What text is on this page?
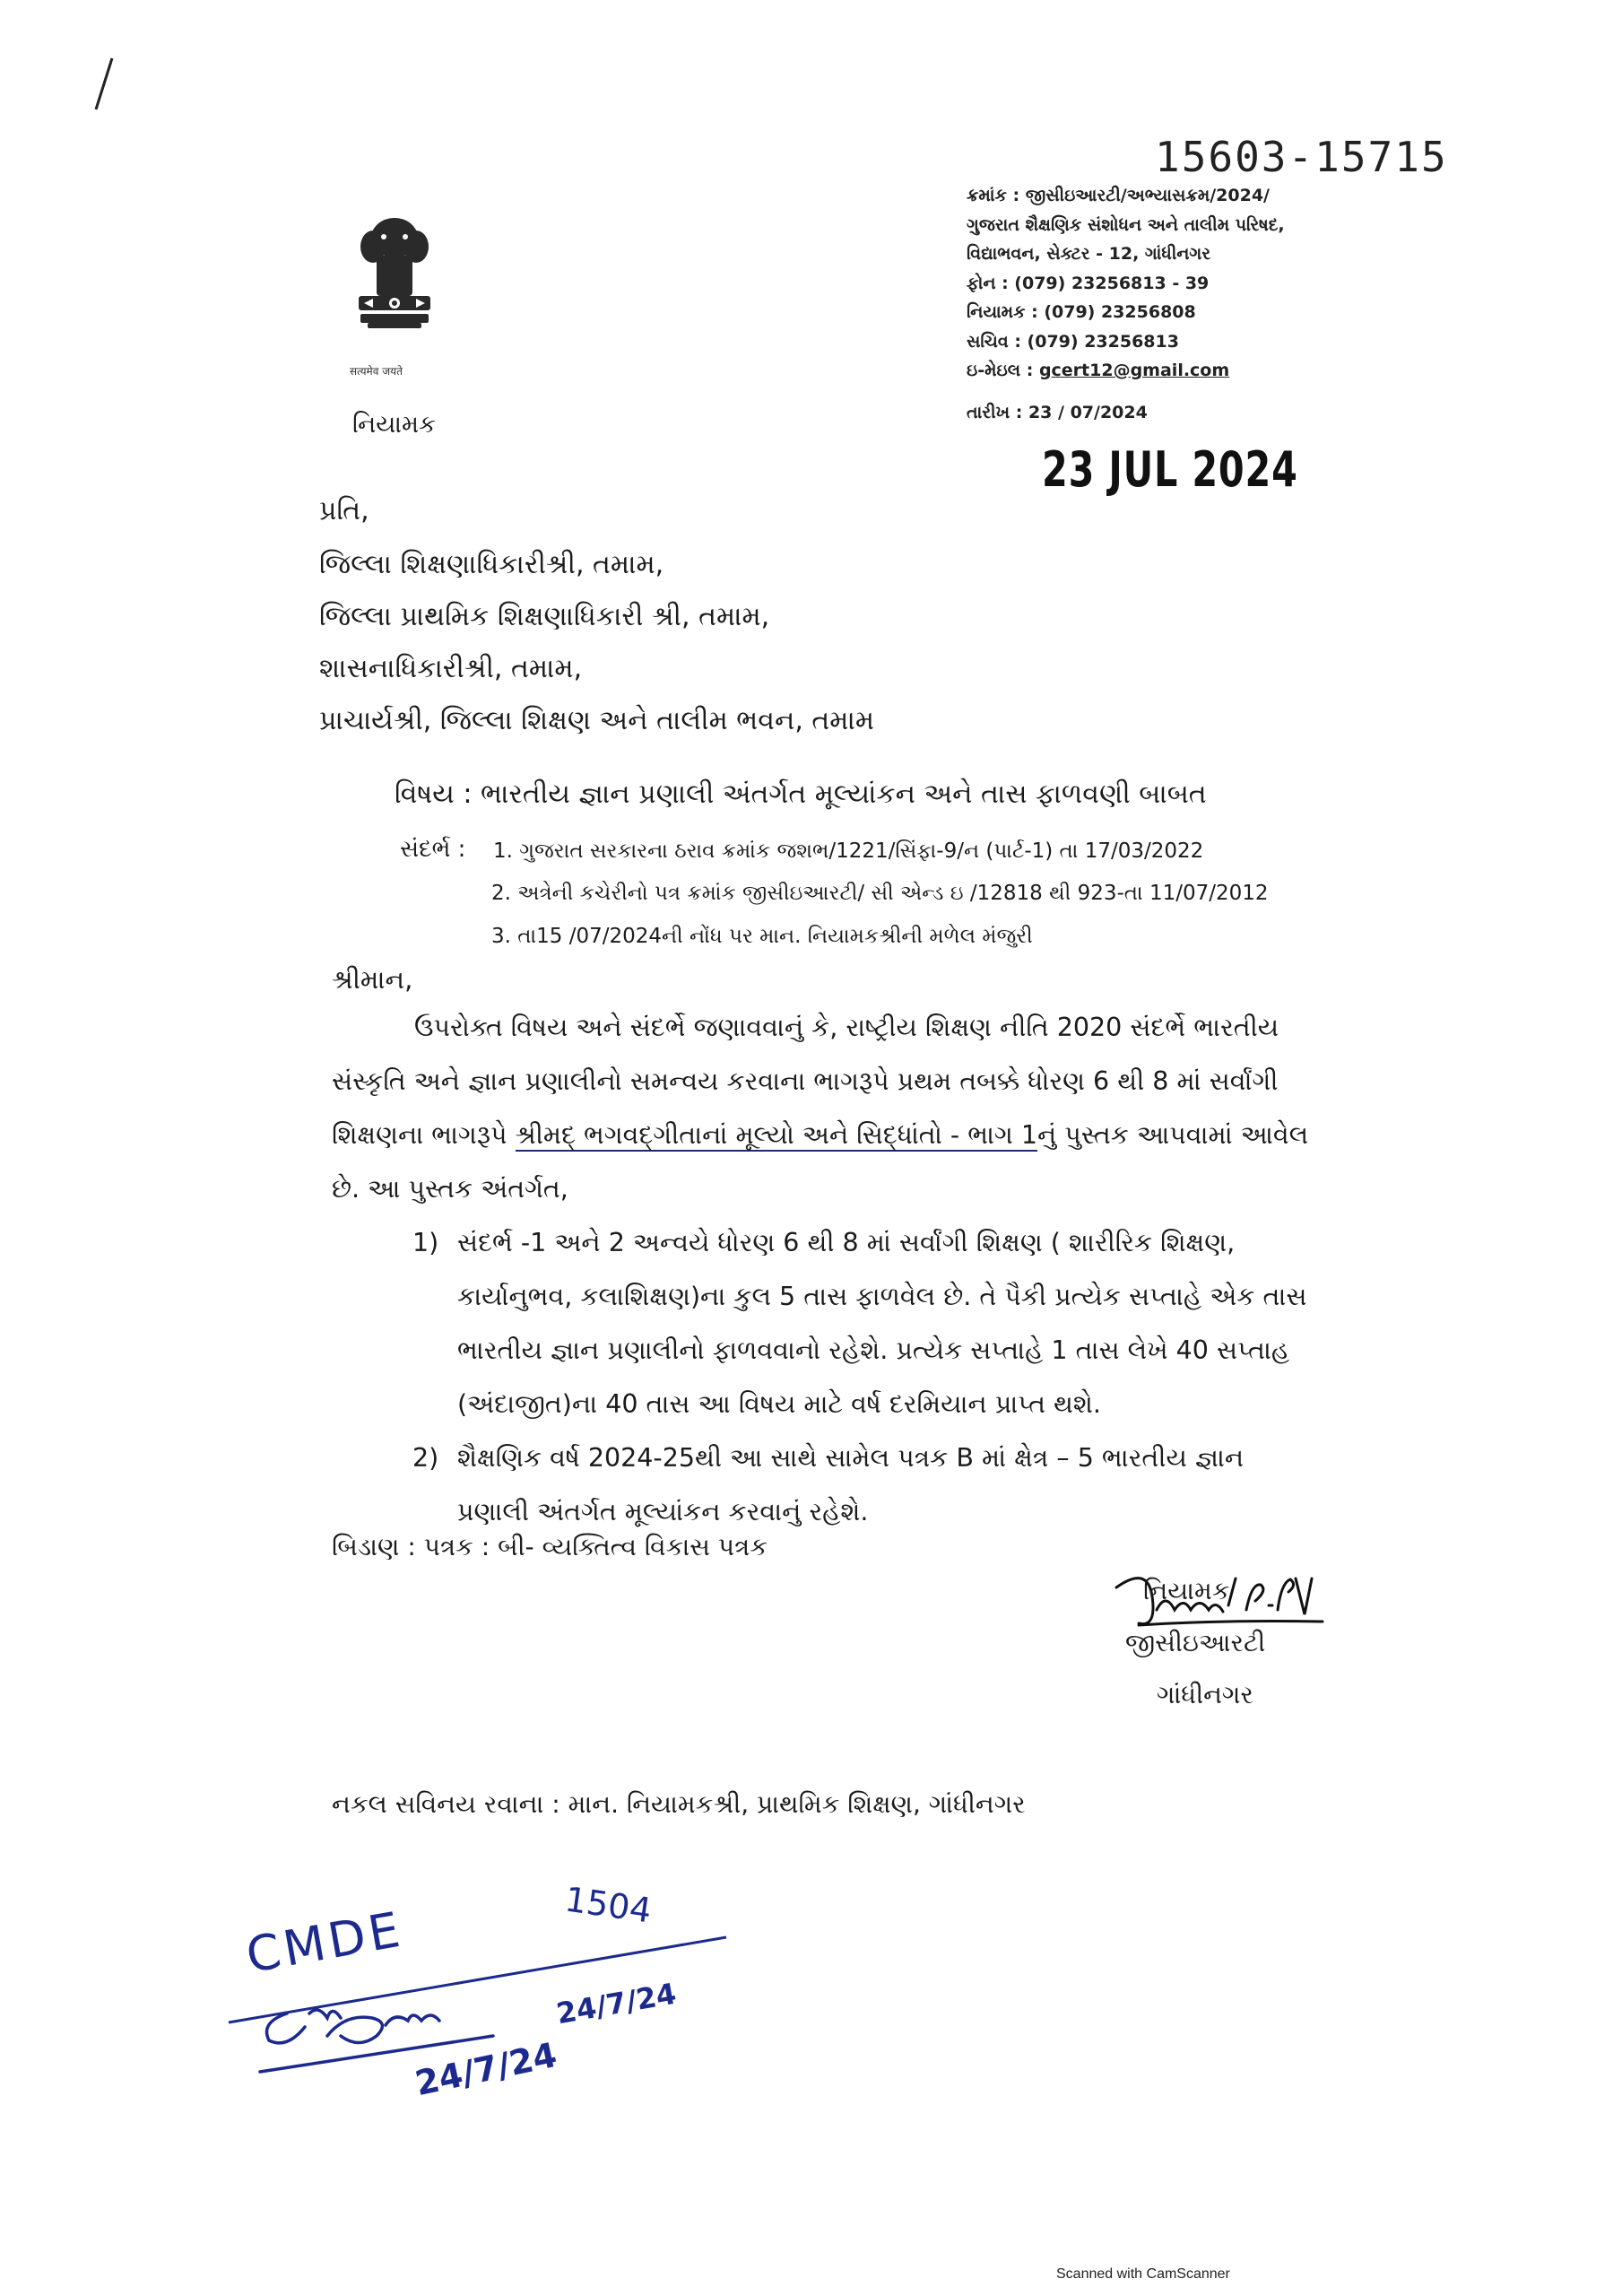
15603-15715
सत्यमेव जयते
નિયામક
ક્રમાંક : જીસીઇઆરટી/અભ્યાસક્રમ/2024/
ગુજરાત શૈક્ષણિક સંશોધન અને તાલીમ પરિષદ,
વિદ્યાભવન, સેક્ટર - 12, ગાંધીનગર
ફોન : (079) 23256813 - 39
નિયામક : (079) 23256808
સચિવ : (079) 23256813
ઇ-મેઇલ : gcert12@gmail.com
તારીખ : 23 / 07/2024
23 JUL 2024
પ્રતિ,
જિલ્લા શિક્ષણાધિકારીશ્રી, તમામ,
જિલ્લા પ્રાથમિક શિક્ષણાધિકારી શ્રી, તમામ,
શાસનાધિકારીશ્રી, તમામ,
પ્રાચાર્યશ્રી, જિલ્લા શિક્ષણ અને તાલીમ ભવન, તમામ
વિષય : ભારતીય જ્ઞાન પ્રણાલી અંતર્ગત મૂલ્યાંકન અને તાસ ફાળવણી બાબત
સંદર્ભ : 1. ગુજરાત સરકારના ઠરાવ ક્રમાંક જશભ/1221/સિંફા-9/ન (પાર્ટ-1) તા 17/03/2022
2. અત્રેની કચેરીનો પત્ર ક્રમાંક જીસીઇઆરટી/ સી એન્ડ ઇ /12818 થી 923-તા 11/07/2012
3. તા15 /07/2024ની નોંધ પર માન. નિયામકશ્રીની મળેલ મંજુરી
શ્રીમાન,
ઉપરોક્ત વિષય અને સંદર્ભે જણાવવાનું કે, રાષ્ટ્રીય શિક્ષણ નીતિ 2020 સંદર્ભે ભારતીય
સંસ્કૃતિ અને જ્ઞાન પ્રણાલીનો સમન્વય કરવાના ભાગરૂપે પ્રથમ તબક્કે ધોરણ 6 થી 8 માં સર્વાંગી
શિક્ષણના ભાગરૂપે શ્રીમદ્ ભગવદ્ગીતાનાં મૂલ્યો અને સિદ્ધાંતો - ભાગ 1નું પુસ્તક આપવામાં આવેલ
છે. આ પુસ્તક અંતર્ગત,
1) સંદર્ભ -1 અને 2 અન્વયે ધોરણ 6 થી 8 માં સર્વાંગી શિક્ષણ ( શારીરિક શિક્ષણ,
કાર્યાનુભવ, કલાશિક્ષણ)ના કુલ 5 તાસ ફાળવેલ છે. તે પૈકી પ્રત્યેક સપ્તાહે એક તાસ
ભારતીય જ્ઞાન પ્રણાલીનો ફાળવવાનો રહેશે. પ્રત્યેક સપ્તાહે 1 તાસ લેખે 40 સપ્તાહ
(અંદાજીત)ના 40 તાસ આ વિષય માટે વર્ષ દરમિયાન પ્રાપ્ત થશે.
2) શૈક્ષણિક વર્ષ 2024-25થી આ સાથે સામેલ પત્રક B માં ક્ષેત્ર – 5 ભારતીય જ્ઞાન
પ્રણાલી અંતર્ગત મૂલ્યાંકન કરવાનું રહેશે.
બિડાણ : પત્રક : બી- વ્યક્તિત્વ વિકાસ પત્રક
નિયામક
જીસીઇઆરટી
ગાંધીનગર
નકલ સવિનય રવાના : માન. નિયામકશ્રી, પ્રાથમિક શિક્ષણ, ગાંધીનગર
CMDE	1504
24/7/24
24/7/24
Scanned with CamScanner
